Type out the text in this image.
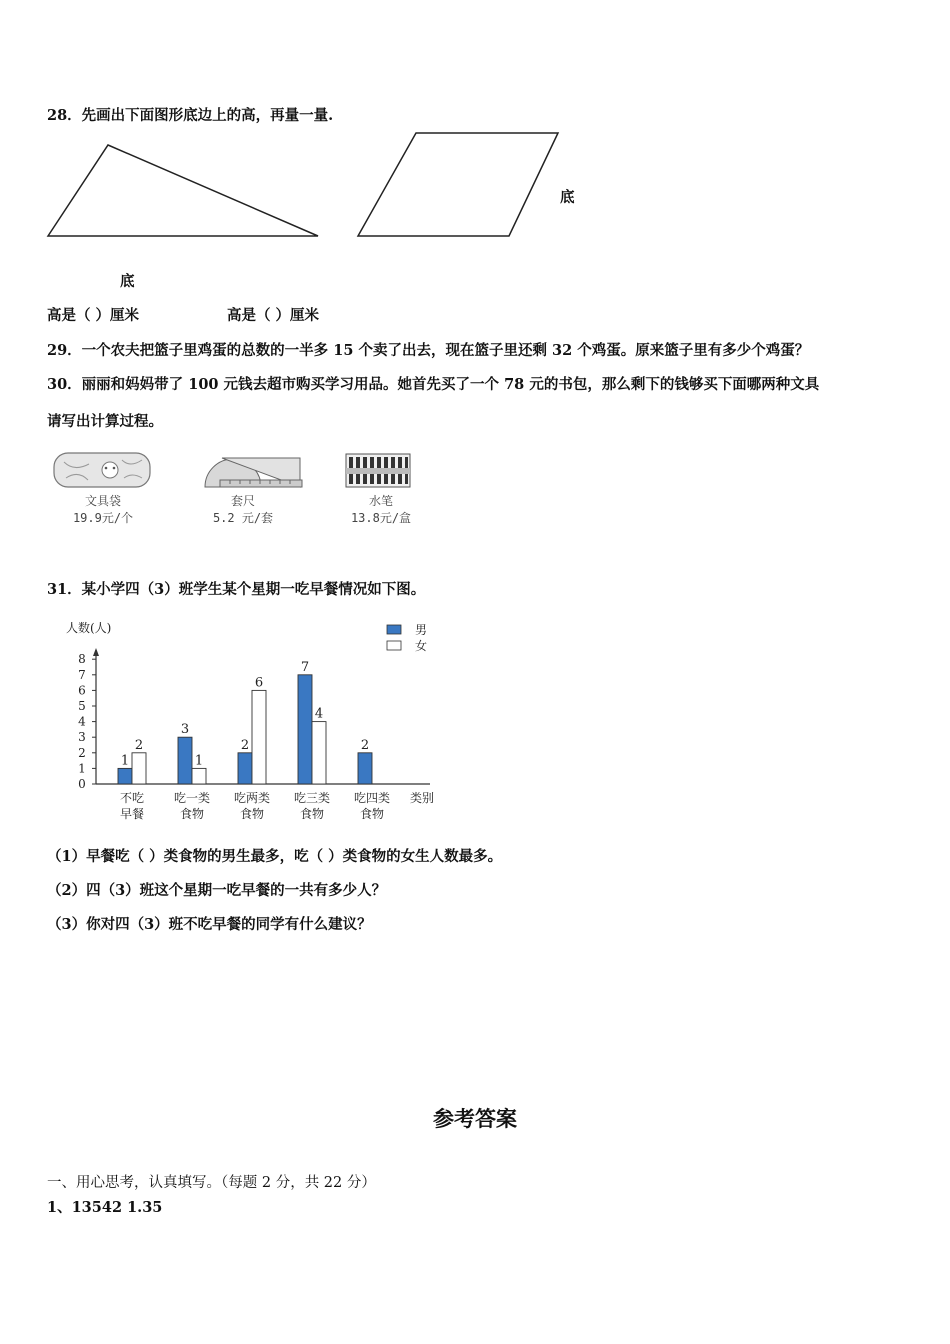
28．先画出下面图形底边上的高，再量一量.
底
底
高是（ ）厘米	高是（ ）厘米
29．一个农夫把篮子里鸡蛋的总数的一半多 15 个卖了出去，现在篮子里还剩 32 个鸡蛋。原来篮子里有多少个鸡蛋？
30．丽丽和妈妈带了 100 元钱去超市购买学习用品。她首先买了一个 78 元的书包，那么剩下的钱够买下面哪两种文具
请写出计算过程。
文具袋
19.9元/个
套尺
5.2 元/套
水笔
13.8元/盒
31．某小学四（3）班学生某个星期一吃早餐情况如下图。
人数(人)
0
1
2
3
4
5
6
7
8
1
2
3
1
2
6
7
4
2
不吃
早餐
吃一类
食物
吃两类
食物
吃三类
食物
吃四类
食物
类别
男
女
（1）早餐吃（ ）类食物的男生最多，吃（ ）类食物的女生人数最多。
（2）四（3）班这个星期一吃早餐的一共有多少人？
（3）你对四（3）班不吃早餐的同学有什么建议？
参考答案
一、用心思考，认真填写。（每题 2 分，共 22 分）
1、13542 1.35
